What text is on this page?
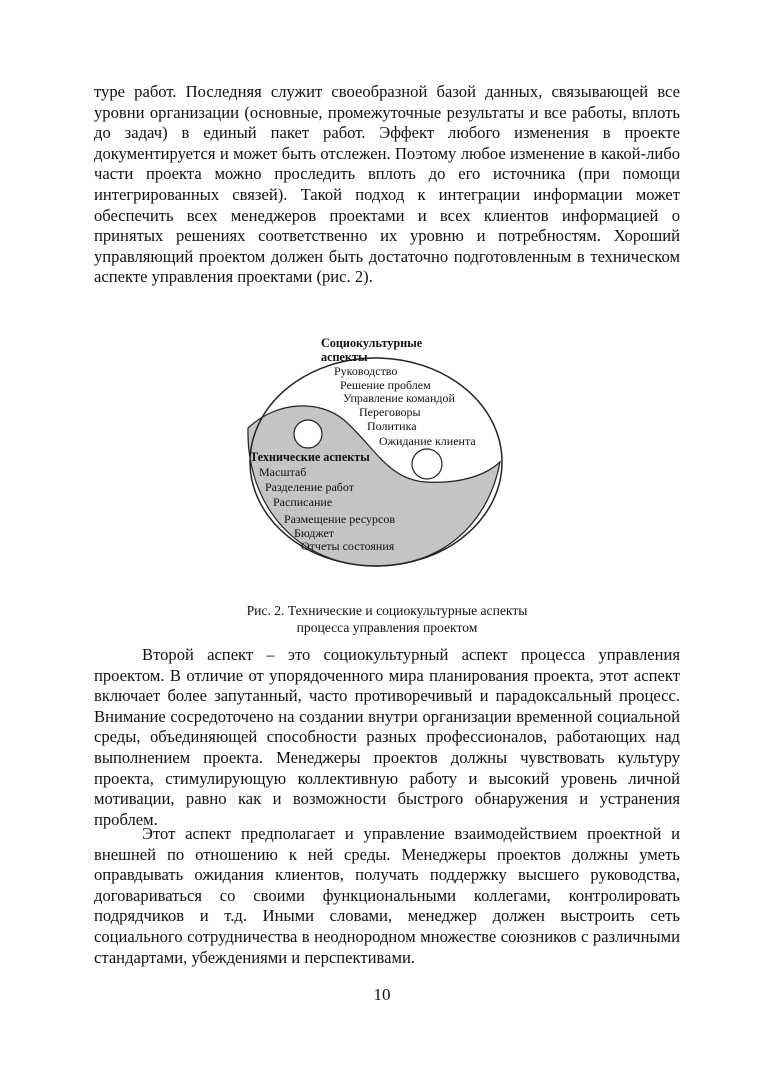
туре работ. Последняя служит своеобразной базой данных, связывающей все уровни организации (основные, промежуточные результаты и все работы, вплоть до задач) в единый пакет работ. Эффект любого изменения в проекте документируется и может быть отслежен. Поэтому любое изменение в какой-либо части проекта можно проследить вплоть до его источника (при помощи интегрированных связей). Такой подход к интеграции информации может обеспечить всех менеджеров проектами и всех клиентов информацией о принятых решениях соответственно их уровню и потребностям. Хороший управляющий проектом должен быть достаточно подготовленным в техническом аспекте управления проектами (рис. 2).

Социокультурные
аспекты
Руководство
Решение проблем
Управление командой
Переговоры
Политика
Ожидание клиента
Технические аспекты
Масштаб
Разделение работ
Расписание
Размещение ресурсов
Бюджет
Отчеты состояния
Рис. 2. Технические и социокультурные аспекты
процесса управления проектом

Второй аспект – это социокультурный аспект процесса управления проектом. В отличие от упорядоченного мира планирования проекта, этот аспект включает более запутанный, часто противоречивый и парадоксальный процесс. Внимание сосредоточено на создании внутри организации временной социальной среды, объединяющей способности разных профессионалов, работающих над выполнением проекта. Менеджеры проектов должны чувствовать культуру проекта, стимулирующую коллективную работу и высокий уровень личной мотивации, равно как и возможности быстрого обнаружения и устранения проблем.

Этот аспект предполагает и управление взаимодействием проектной и внешней по отношению к ней среды. Менеджеры проектов должны уметь оправдывать ожидания клиентов, получать поддержку высшего руководства, договариваться со своими функциональными коллегами, контролировать подрядчиков и т.д. Иными словами, менеджер должен выстроить сеть социального сотрудничества в неоднородном множестве союзников с различными стандартами, убеждениями и перспективами.

10
